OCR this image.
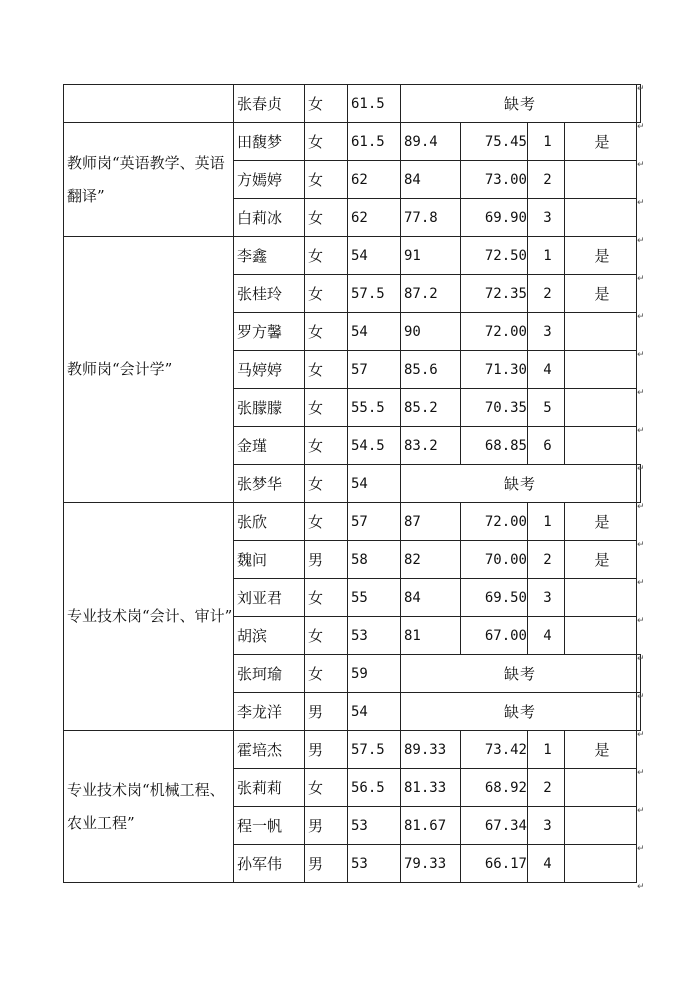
	张春贞	女	61.5	缺考				
教师岗“英语教学、英语翻译”	田馥梦	女	61.5	89.4	75.45	1	是	
	方嫣婷	女	62	84	73.00	2		
	白莉冰	女	62	77.8	69.90	3		
教师岗“会计学”	李鑫	女	54	91	72.50	1	是	
	张桂玲	女	57.5	87.2	72.35	2	是	
	罗方馨	女	54	90	72.00	3		
	马婷婷	女	57	85.6	71.30	4		
	张朦朦	女	55.5	85.2	70.35	5		
	金瑾	女	54.5	83.2	68.85	6		
	张梦华	女	54	缺考				
专业技术岗“会计、审计”	张欣	女	57	87	72.00	1	是	
	魏问	男	58	82	70.00	2	是	
	刘亚君	女	55	84	69.50	3		
	胡滨	女	53	81	67.00	4		
	张珂瑜	女	59	缺考				
	李龙洋	男	54	缺考				
专业技术岗“机械工程、农业工程”	霍培杰	男	57.5	89.33	73.42	1	是	
	张莉莉	女	56.5	81.33	68.92	2		
	程一帆	男	53	81.67	67.34	3		
	孙军伟	男	53	79.33	66.17	4		
↵
↵
↵
↵
↵
↵
↵
↵
↵
↵
↵
↵
↵
↵
↵
↵
↵
↵
↵
↵
↵
↵
